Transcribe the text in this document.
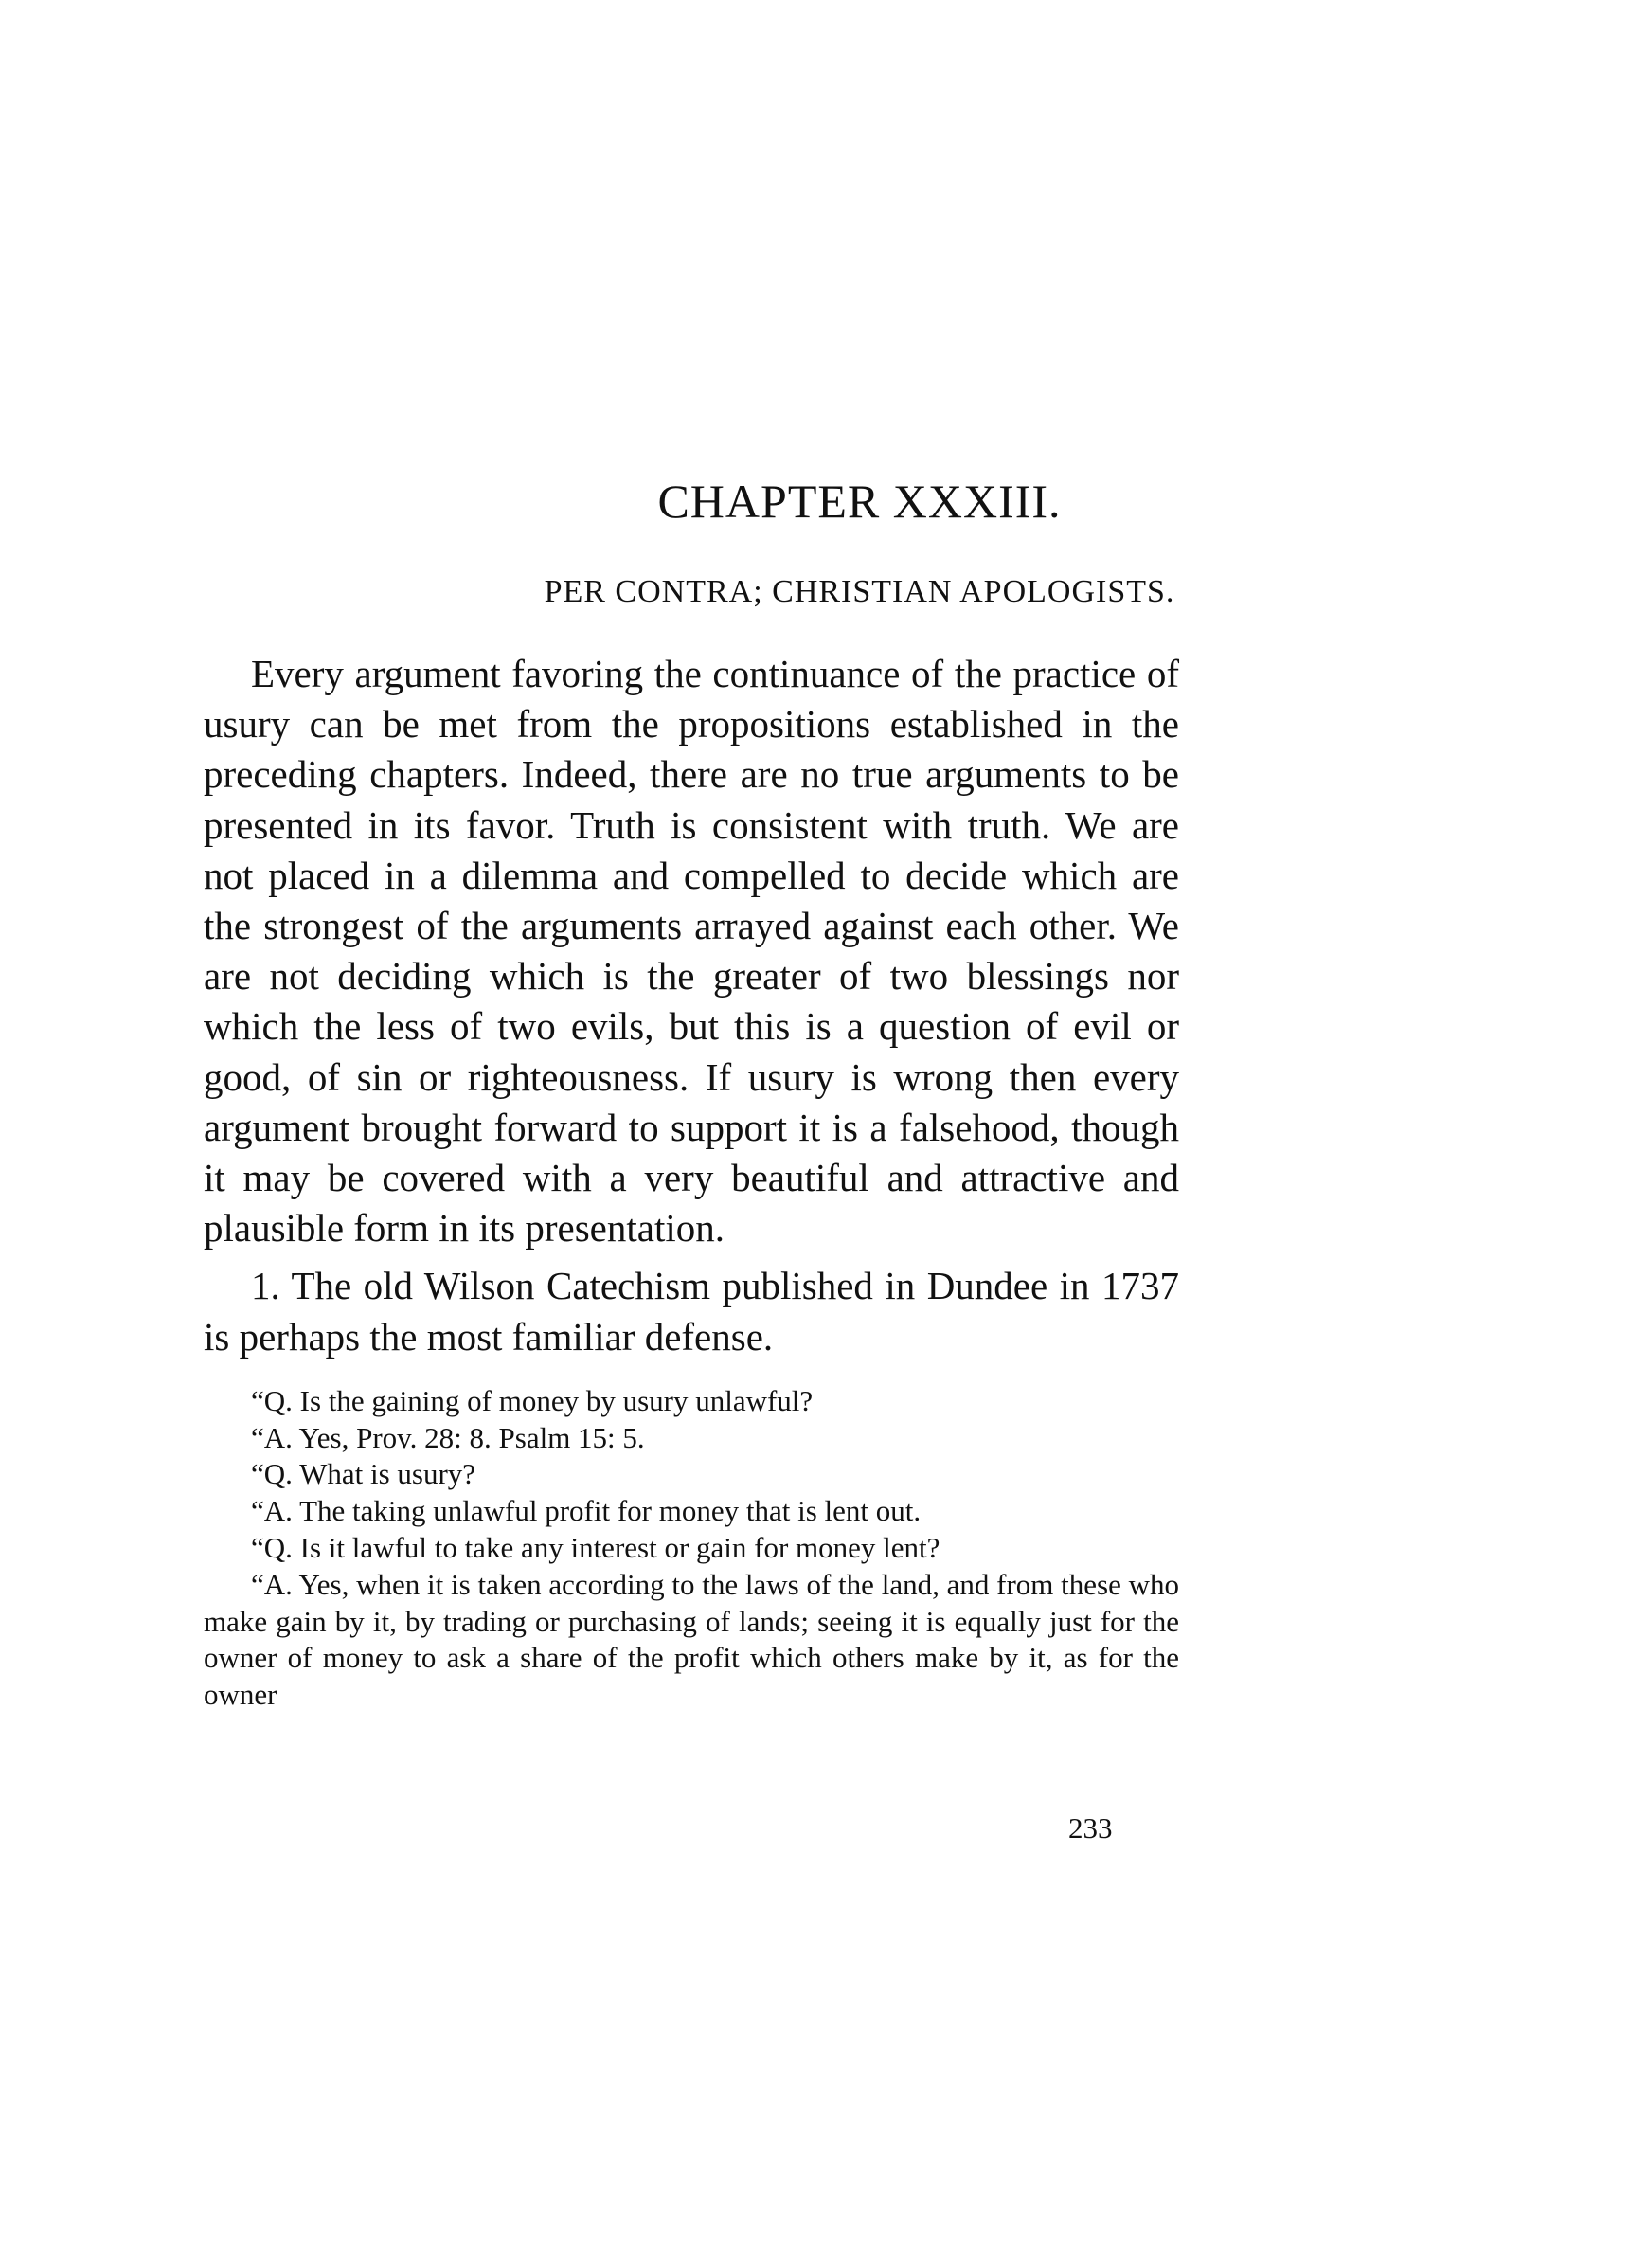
CHAPTER XXXIII.
PER CONTRA; CHRISTIAN APOLOGISTS.

Every argument favoring the continuance of the practice of usury can be met from the propositions established in the preceding chapters. Indeed, there are no true arguments to be presented in its favor. Truth is consistent with truth. We are not placed in a dilemma and compelled to decide which are the strongest of the arguments arrayed against each other. We are not deciding which is the greater of two blessings nor which the less of two evils, but this is a question of evil or good, of sin or righteousness. If usury is wrong then every argument brought forward to support it is a falsehood, though it may be covered with a very beautiful and attractive and plausible form in its presentation.

1. The old Wilson Catechism published in Dundee in 1737 is perhaps the most familiar defense.

“Q. Is the gaining of money by usury unlawful?

“A. Yes, Prov. 28: 8. Psalm 15: 5.

“Q. What is usury?

“A. The taking unlawful profit for money that is lent out.

“Q. Is it lawful to take any interest or gain for money lent?

“A. Yes, when it is taken according to the laws of the land, and from these who make gain by it, by trading or purchasing of lands; seeing it is equally just for the owner of money to ask a share of the profit which others make by it, as for the owner

233
